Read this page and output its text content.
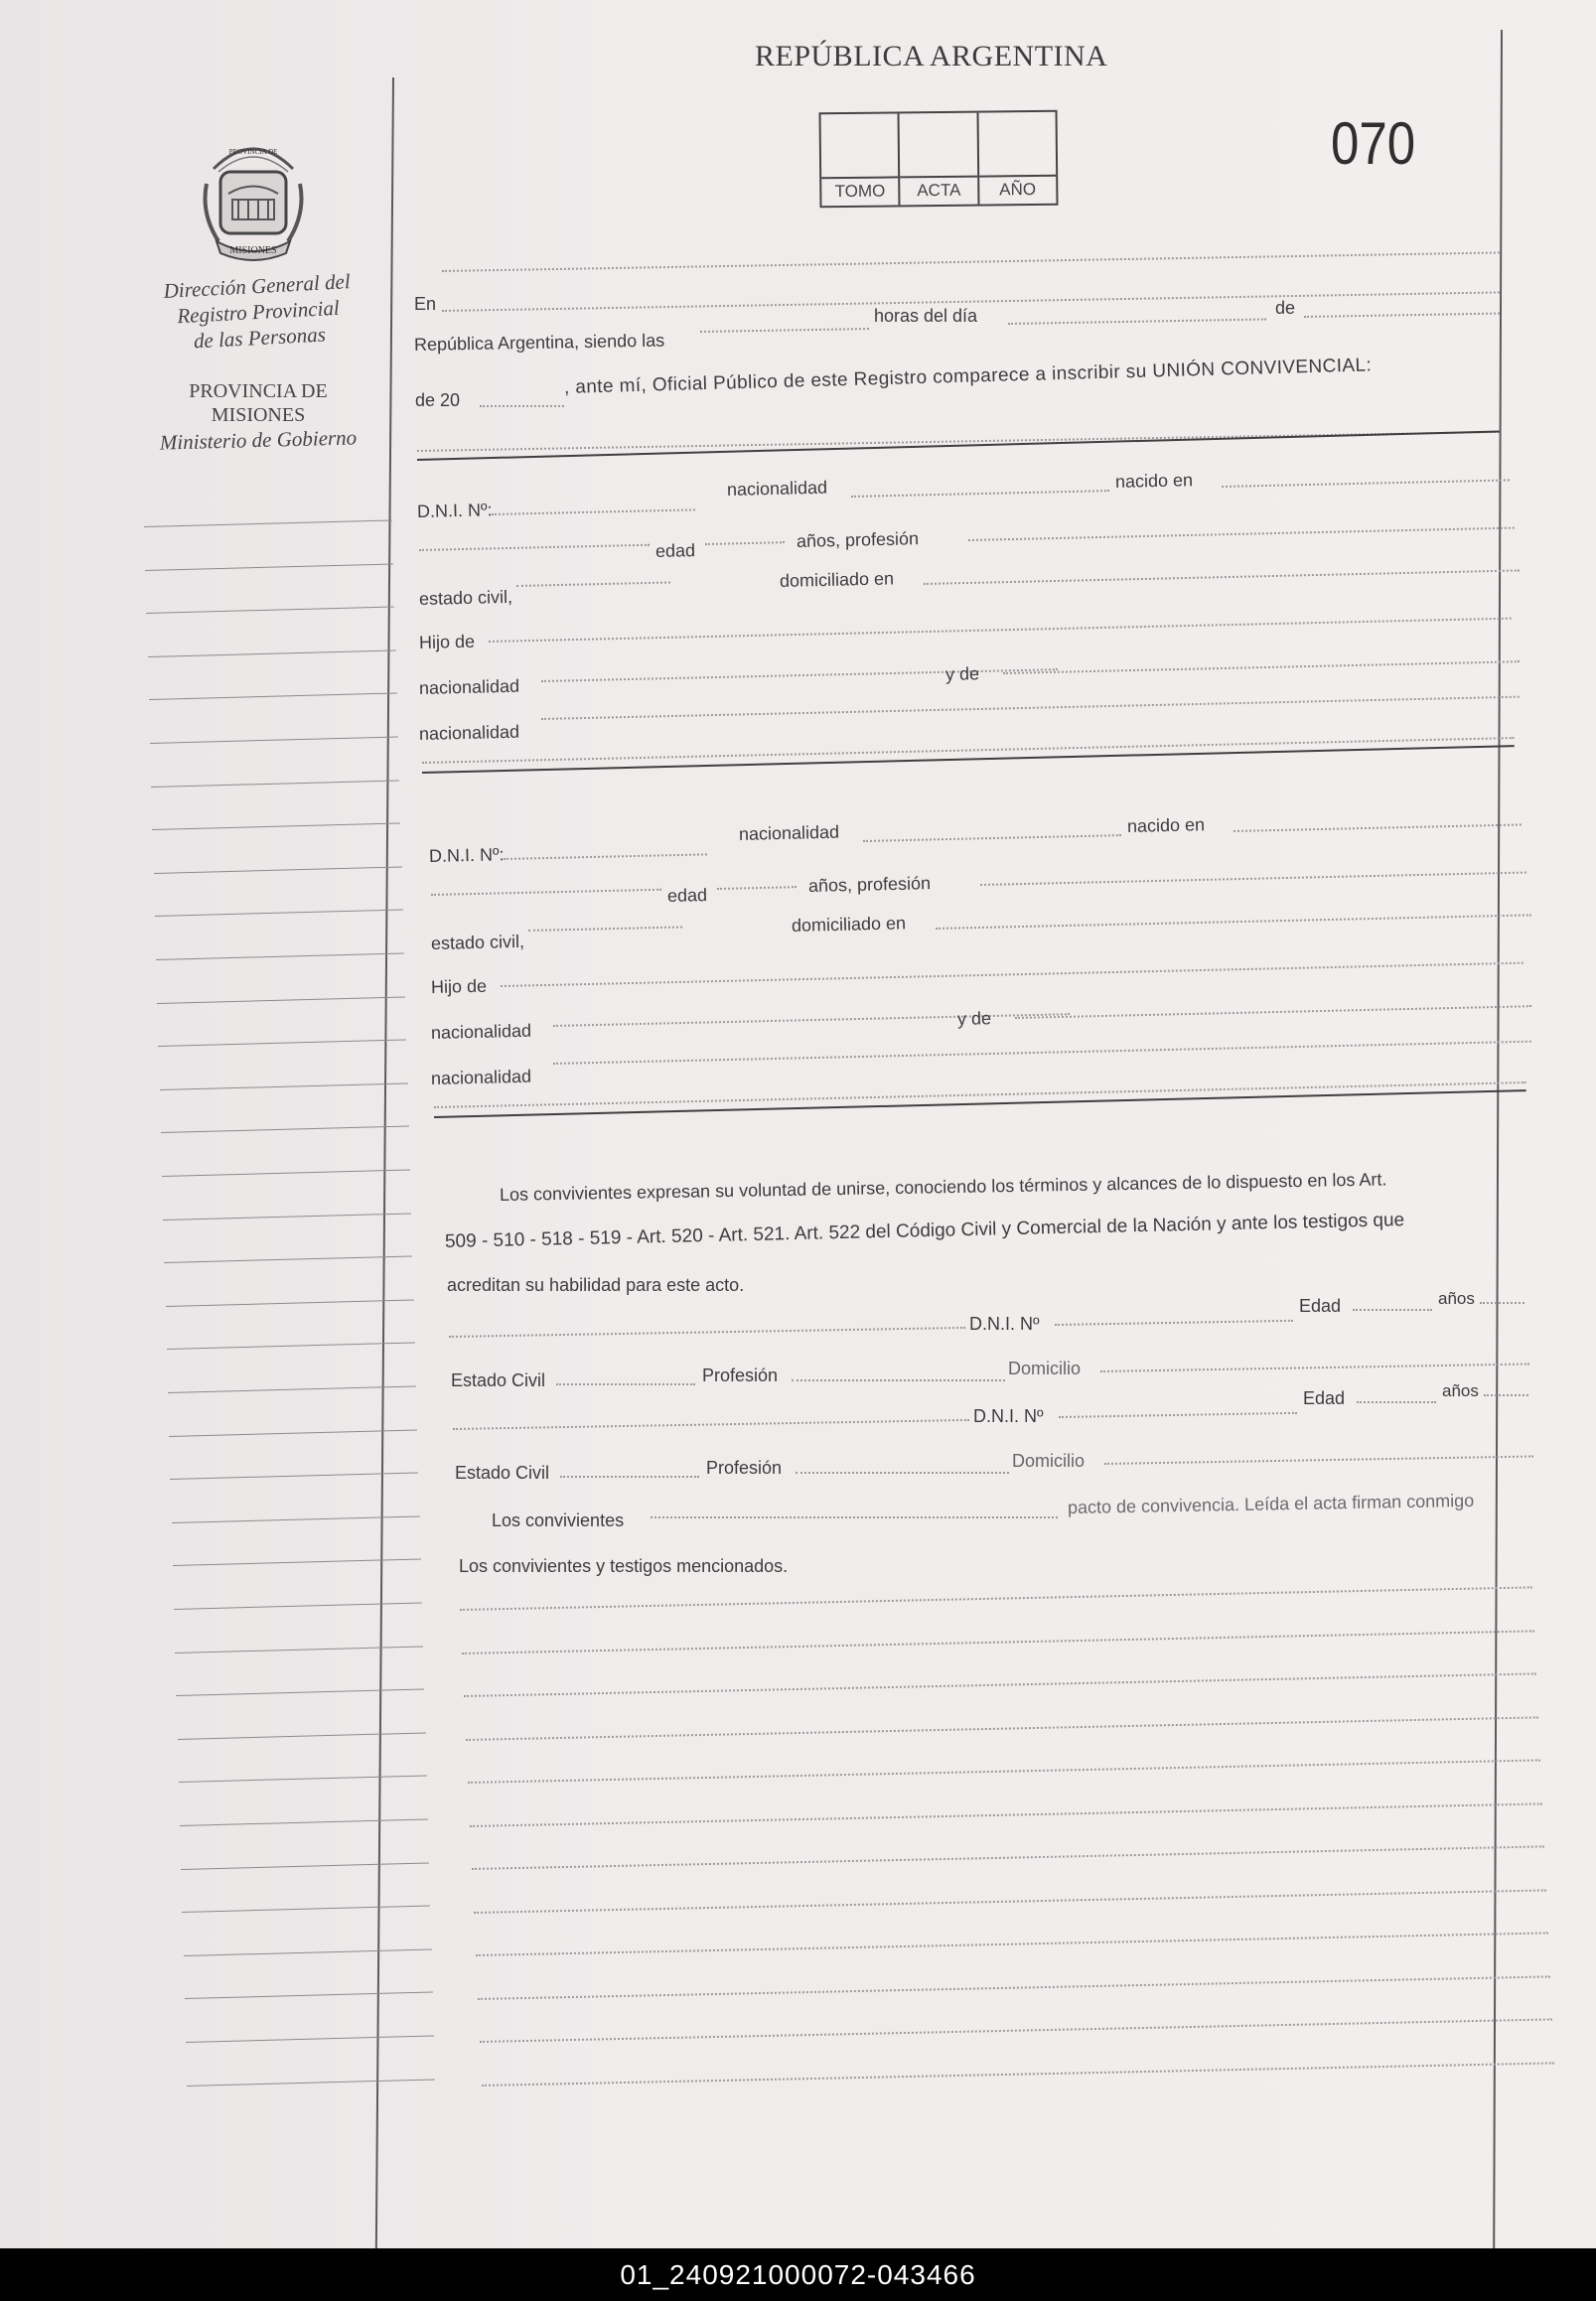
REPÚBLICA ARGENTINA
TOMO	ACTA	AÑO
070
MISIONES
PROVINCIA DE
Dirección General del
Registro Provincial
de las Personas
PROVINCIA DE
MISIONES
Ministerio de Gobierno
En
República Argentina, siendo las
horas del día	de
de 20
, ante mí, Oficial Público de este Registro comparece a inscribir su UNIÓN CONVIVENCIAL:
D.N.I. Nº:
nacionalidad	nacido en
edad	años, profesión
estado civil,
domiciliado en
Hijo de
nacionalidad
y de
nacionalidad
D.N.I. Nº:
nacionalidad	nacido en
edad	años, profesión
estado civil,
domiciliado en
Hijo de
nacionalidad
y de
nacionalidad
Los convivientes expresan su voluntad de unirse, conociendo los términos y alcances de lo dispuesto en los Art.
509 - 510 - 518 - 519 - Art. 520 - Art. 521. Art. 522 del Código Civil y Comercial de la Nación y ante los testigos que
acreditan su habilidad para este acto.
D.N.I. Nº
Edad	años
Estado Civil	Profesión	Domicilio
D.N.I. Nº
Edad	años
Estado Civil	Profesión	Domicilio
Los convivientes
pacto de convivencia. Leída el acta firman conmigo
Los convivientes y testigos mencionados.
01_240921000072-043466
